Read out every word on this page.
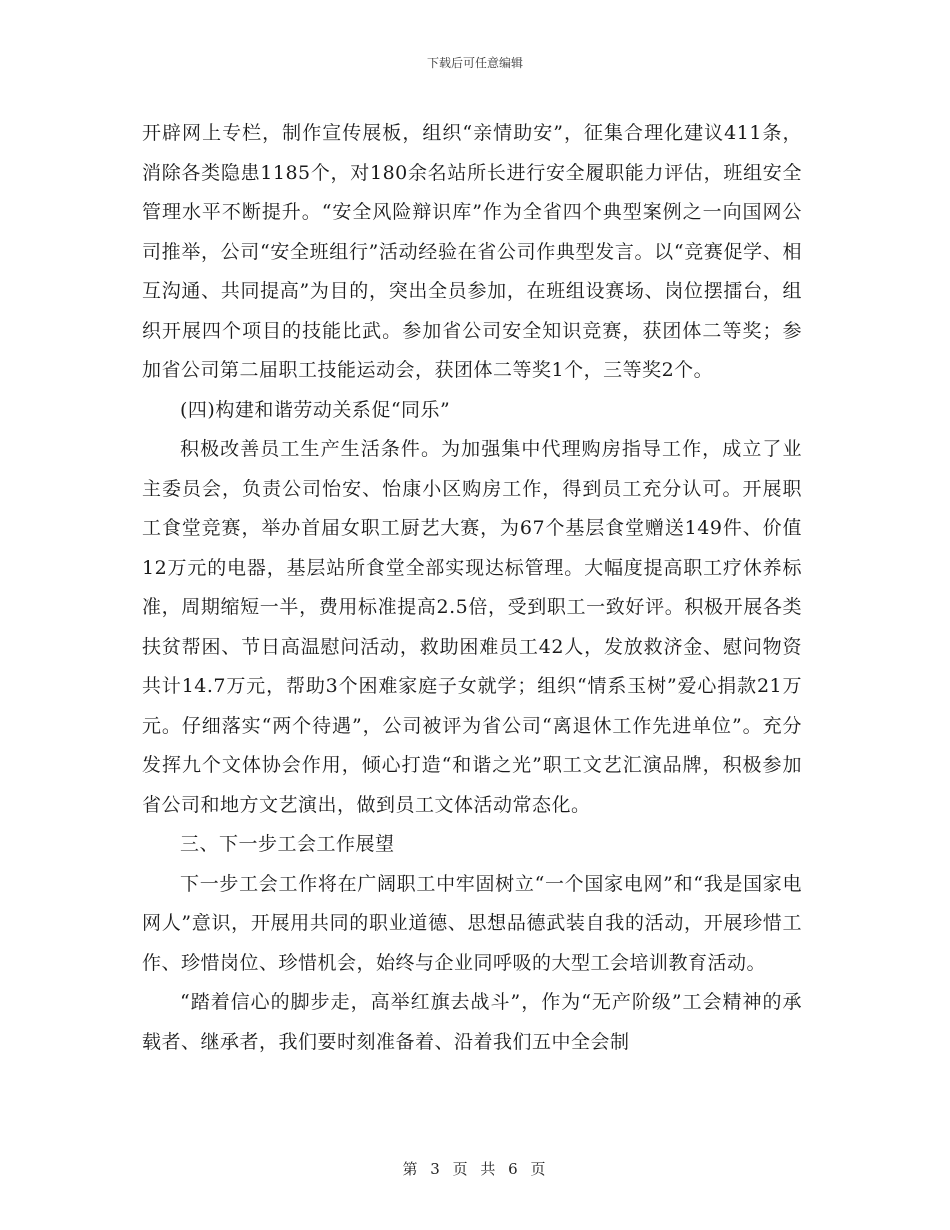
下载后可任意编辑

开辟网上专栏，制作宣传展板，组织“亲情助安”，征集合理化建议411条，消除各类隐患1185个，对180余名站所长进行安全履职能力评估，班组安全管理水平不断提升。“安全风险辩识库”作为全省四个典型案例之一向国网公司推举，公司“安全班组行”活动经验在省公司作典型发言。以“竞赛促学、相互沟通、共同提高”为目的，突出全员参加，在班组设赛场、岗位摆擂台，组织开展四个项目的技能比武。参加省公司安全知识竞赛，获团体二等奖；参加省公司第二届职工技能运动会，获团体二等奖1个，三等奖2个。

(四)构建和谐劳动关系促“同乐”

积极改善员工生产生活条件。为加强集中代理购房指导工作，成立了业主委员会，负责公司怡安、怡康小区购房工作，得到员工充分认可。开展职工食堂竞赛，举办首届女职工厨艺大赛，为67个基层食堂赠送149件、价值12万元的电器，基层站所食堂全部实现达标管理。大幅度提高职工疗休养标准，周期缩短一半，费用标准提高2.5倍，受到职工一致好评。积极开展各类扶贫帮困、节日高温慰问活动，救助困难员工42人，发放救济金、慰问物资共计14.7万元，帮助3个困难家庭子女就学；组织“情系玉树”爱心捐款21万元。仔细落实“两个待遇”，公司被评为省公司“离退休工作先进单位”。充分发挥九个文体协会作用，倾心打造“和谐之光”职工文艺汇演品牌，积极参加省公司和地方文艺演出，做到员工文体活动常态化。

三、下一步工会工作展望

下一步工会工作将在广阔职工中牢固树立“一个国家电网”和“我是国家电网人”意识，开展用共同的职业道德、思想品德武装自我的活动，开展珍惜工作、珍惜岗位、珍惜机会，始终与企业同呼吸的大型工会培训教育活动。

“踏着信心的脚步走，高举红旗去战斗”，作为“无产阶级”工会精神的承载者、继承者，我们要时刻准备着、沿着我们五中全会制

第 3 页 共 6 页
